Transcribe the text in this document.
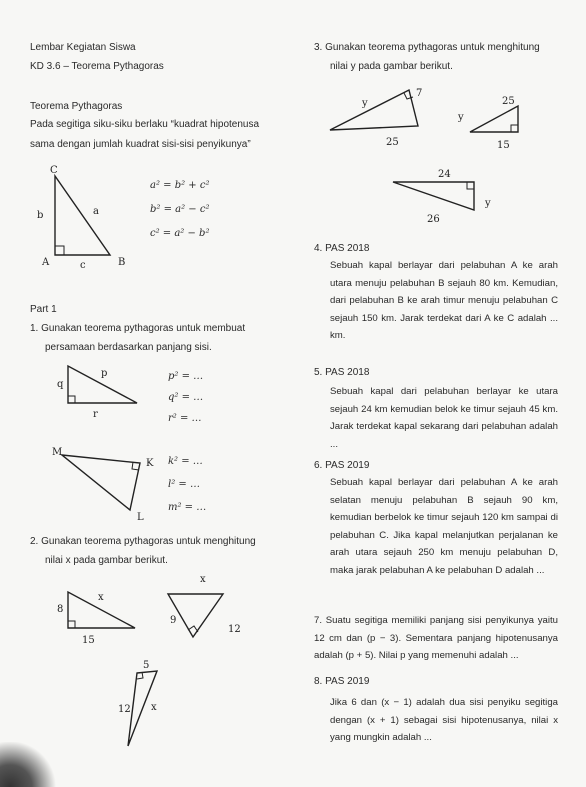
Lembar Kegiatan Siswa
KD 3.6 – Teorema Pythagoras
Teorema Pythagoras
Pada segitiga siku-siku berlaku “kuadrat hipotenusa
sama dengan jumlah kuadrat sisi-sisi penyikunya”
C
b	a
A	c	B
a² = b² + c²
b² = a² − c²
c² = a² − b²
Part 1
1. Gunakan teorema pythagoras untuk membuat
persamaan berdasarkan panjang sisi.
p
q
r
M
K
L
p² = …
q² = …
r² = …
k² = …
l² = …
m² = …
2. Gunakan teorema pythagoras untuk menghitung
nilai x pada gambar berikut.
8
15
x
x
9
12
5
12 x
3. Gunakan teorema pythagoras untuk menghitung
nilai y pada gambar berikut.
y
7
25
25
y
15
24
y
26
4. PAS 2018
Sebuah kapal berlayar dari pelabuhan A ke arah utara menuju pelabuhan B sejauh 80 km. Kemudian, dari pelabuhan B ke arah timur menuju pelabuhan C sejauh 150 km. Jarak terdekat dari A ke C adalah ... km.
5. PAS 2018
Sebuah kapal dari pelabuhan berlayar ke utara sejauh 24 km kemudian belok ke timur sejauh 45 km. Jarak terdekat kapal sekarang dari pelabuhan adalah ...
6. PAS 2019
Sebuah kapal berlayar dari pelabuhan A ke arah selatan menuju pelabuhan B sejauh 90 km, kemudian berbelok ke timur sejauh 120 km sampai di pelabuhan C. Jika kapal melanjutkan perjalanan ke arah utara sejauh 250 km menuju pelabuhan D, maka jarak pelabuhan A ke pelabuhan D adalah ...
7. Suatu segitiga memiliki panjang sisi penyikunya yaitu 12 cm dan (p − 3). Sementara panjang hipotenusanya adalah (p + 5). Nilai p yang memenuhi adalah ...
8. PAS 2019
Jika 6 dan (x − 1) adalah dua sisi penyiku segitiga dengan (x + 1) sebagai sisi hipotenusanya, nilai x yang mungkin adalah ...
